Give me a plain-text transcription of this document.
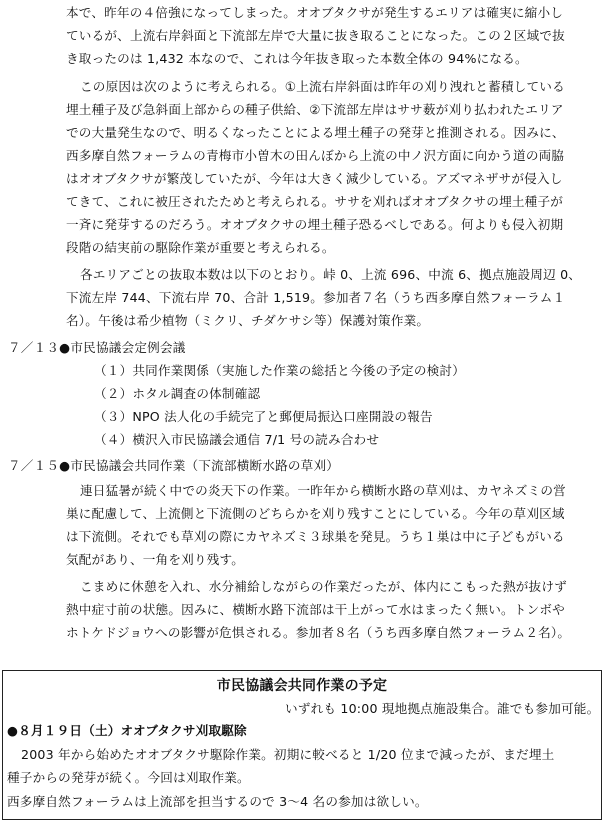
本で、昨年の４倍強になってしまった。オオブタクサが発生するエリアは確実に縮小し
ているが、上流右岸斜面と下流部左岸で大量に抜き取ることになった。この２区域で抜
き取ったのは 1,432 本なので、これは今年抜き取った本数全体の 94%になる。
この原因は次のように考えられる。①上流右岸斜面は昨年の刈り洩れと蓄積している
埋土種子及び急斜面上部からの種子供給、②下流部左岸はササ薮が刈り払われたエリア
での大量発生なので、明るくなったことによる埋土種子の発芽と推測される。因みに、
西多摩自然フォーラムの青梅市小曽木の田んぼから上流の中ノ沢方面に向かう道の両脇
はオオブタクサが繁茂していたが、今年は大きく減少している。アズマネザサが侵入し
てきて、これに被圧されたためと考えられる。ササを刈ればオオブタクサの埋土種子が
一斉に発芽するのだろう。オオブタクサの埋土種子恐るべしである。何よりも侵入初期
段階の結実前の駆除作業が重要と考えられる。
各エリアごとの抜取本数は以下のとおり。峠 0、上流 696、中流 6、拠点施設周辺 0、
下流左岸 744、下流右岸 70、合計 1,519。参加者７名（うち西多摩自然フォーラム１
名）。午後は希少植物（ミクリ、チダケサシ等）保護対策作業。
７／１３●市民協議会定例会議
（１）共同作業関係（実施した作業の総括と今後の予定の検討）
（２）ホタル調査の体制確認
（３）NPO 法人化の手続完了と郵便局振込口座開設の報告
（４）横沢入市民協議会通信 7/1 号の読み合わせ
７／１５●市民協議会共同作業（下流部横断水路の草刈）
連日猛暑が続く中での炎天下の作業。一昨年から横断水路の草刈は、カヤネズミの営
巣に配慮して、上流側と下流側のどちらかを刈り残すことにしている。今年の草刈区域
は下流側。それでも草刈の際にカヤネズミ３球巣を発見。うち１巣は中に子どもがいる
気配があり、一角を刈り残す。
こまめに休憩を入れ、水分補給しながらの作業だったが、体内にこもった熱が抜けず
熱中症寸前の状態。因みに、横断水路下流部は干上がって水はまったく無い。トンボや
ホトケドジョウへの影響が危惧される。参加者８名（うち西多摩自然フォーラム２名）。
市民協議会共同作業の予定
いずれも 10:00 現地拠点施設集合。誰でも参加可能。
●８月１９日（土）オオブタクサ刈取駆除
2003 年から始めたオオブタクサ駆除作業。初期に較べると 1/20 位まで減ったが、まだ埋土
種子からの発芽が続く。今回は刈取作業。
西多摩自然フォーラムは上流部を担当するので 3～4 名の参加は欲しい。
